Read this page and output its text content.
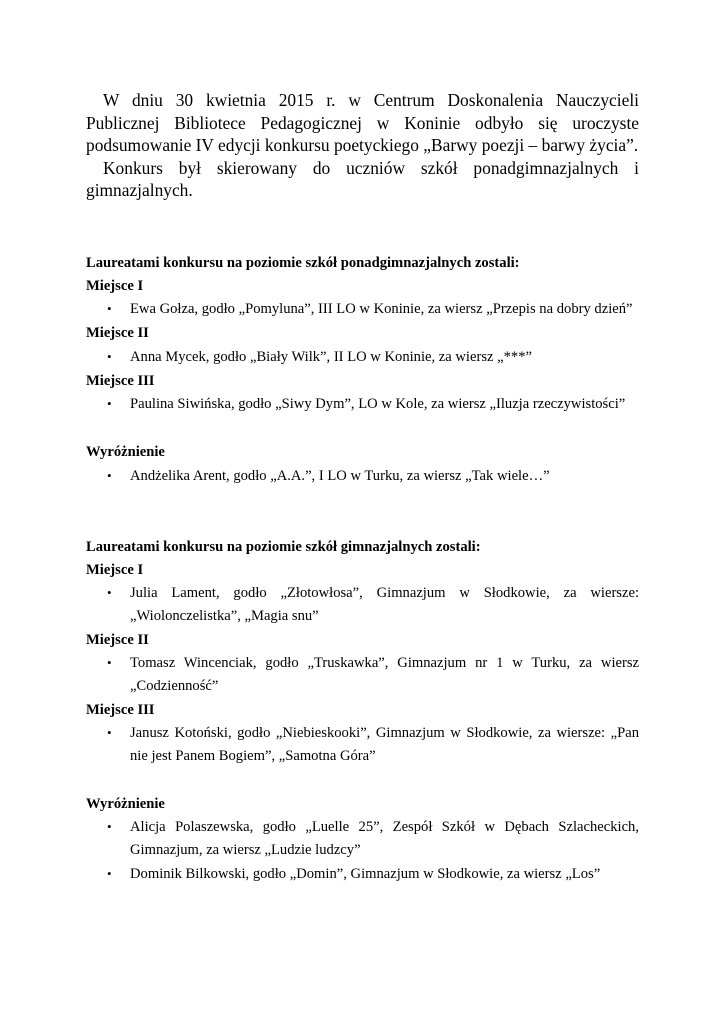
W dniu 30 kwietnia 2015 r. w Centrum Doskonalenia Nauczycieli Publicznej Bibliotece Pedagogicznej w Koninie odbyło się uroczyste podsumowanie IV edycji konkursu poetyckiego „Barwy poezji – barwy życia”.

Konkurs był skierowany do uczniów szkół ponadgimnazjalnych i gimnazjalnych.

Laureatami konkursu na poziomie szkół ponadgimnazjalnych zostali:

Miejsce I

• Ewa Gołza, godło „Pomyluna”, III LO w Koninie, za wiersz „Przepis na dobry dzień”

Miejsce II

• Anna Mycek, godło „Biały Wilk”, II LO w Koninie, za wiersz „***”

Miejsce III

• Paulina Siwińska, godło „Siwy Dym”, LO w Kole, za wiersz „Iluzja rzeczywistości”

Wyróżnienie

• Andżelika Arent, godło „A.A.”, I LO w Turku, za wiersz „Tak wiele…”

Laureatami konkursu na poziomie szkół gimnazjalnych zostali:

Miejsce I

• Julia Lament, godło „Złotowłosa”, Gimnazjum w Słodkowie, za wiersze: „Wiolonczelistka”, „Magia snu”

Miejsce II

• Tomasz Wincenciak, godło „Truskawka”, Gimnazjum nr 1 w Turku, za wiersz „Codzienność”

Miejsce III

• Janusz Kotoński, godło „Niebieskooki”, Gimnazjum w Słodkowie, za wiersze: „Pan nie jest Panem Bogiem”, „Samotna Góra”

Wyróżnienie

• Alicja Polaszewska, godło „Luelle 25”, Zespół Szkół w Dębach Szlacheckich, Gimnazjum, za wiersz „Ludzie ludzcy”
• Dominik Bilkowski, godło „Domin”, Gimnazjum w Słodkowie, za wiersz „Los”
